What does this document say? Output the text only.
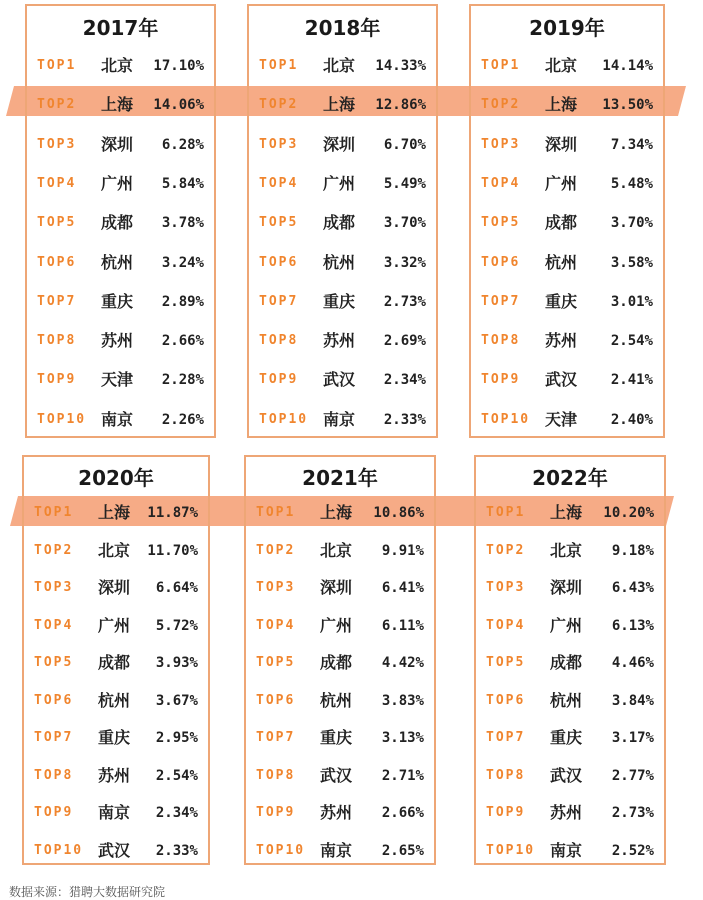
2017年
TOP1 北京	17.10%
TOP2 上海	14.06%
TOP3 深圳	6.28%
TOP4 广州	5.84%
TOP5 成都	3.78%
TOP6 杭州	3.24%
TOP7 重庆	2.89%
TOP8 苏州	2.66%
TOP9 天津	2.28%
TOP10 南京	2.26%
2018年
TOP1 北京	14.33%
TOP2 上海	12.86%
TOP3 深圳	6.70%
TOP4 广州	5.49%
TOP5 成都	3.70%
TOP6 杭州	3.32%
TOP7 重庆	2.73%
TOP8 苏州	2.69%
TOP9 武汉	2.34%
TOP10 南京	2.33%
2019年
TOP1 北京	14.14%
TOP2 上海	13.50%
TOP3 深圳	7.34%
TOP4 广州	5.48%
TOP5 成都	3.70%
TOP6 杭州	3.58%
TOP7 重庆	3.01%
TOP8 苏州	2.54%
TOP9 武汉	2.41%
TOP10 天津	2.40%
2020年
TOP1 上海	11.87%
TOP2 北京	11.70%
TOP3 深圳	6.64%
TOP4 广州	5.72%
TOP5 成都	3.93%
TOP6 杭州	3.67%
TOP7 重庆	2.95%
TOP8 苏州	2.54%
TOP9 南京	2.34%
TOP10 武汉	2.33%
2021年
TOP1 上海	10.86%
TOP2 北京	9.91%
TOP3 深圳	6.41%
TOP4 广州	6.11%
TOP5 成都	4.42%
TOP6 杭州	3.83%
TOP7 重庆	3.13%
TOP8 武汉	2.71%
TOP9 苏州	2.66%
TOP10 南京	2.65%
2022年
TOP1 上海	10.20%
TOP2 北京	9.18%
TOP3 深圳	6.43%
TOP4 广州	6.13%
TOP5 成都	4.46%
TOP6 杭州	3.84%
TOP7 重庆	3.17%
TOP8 武汉	2.77%
TOP9 苏州	2.73%
TOP10 南京	2.52%
数据来源：猎聘大数据研究院
